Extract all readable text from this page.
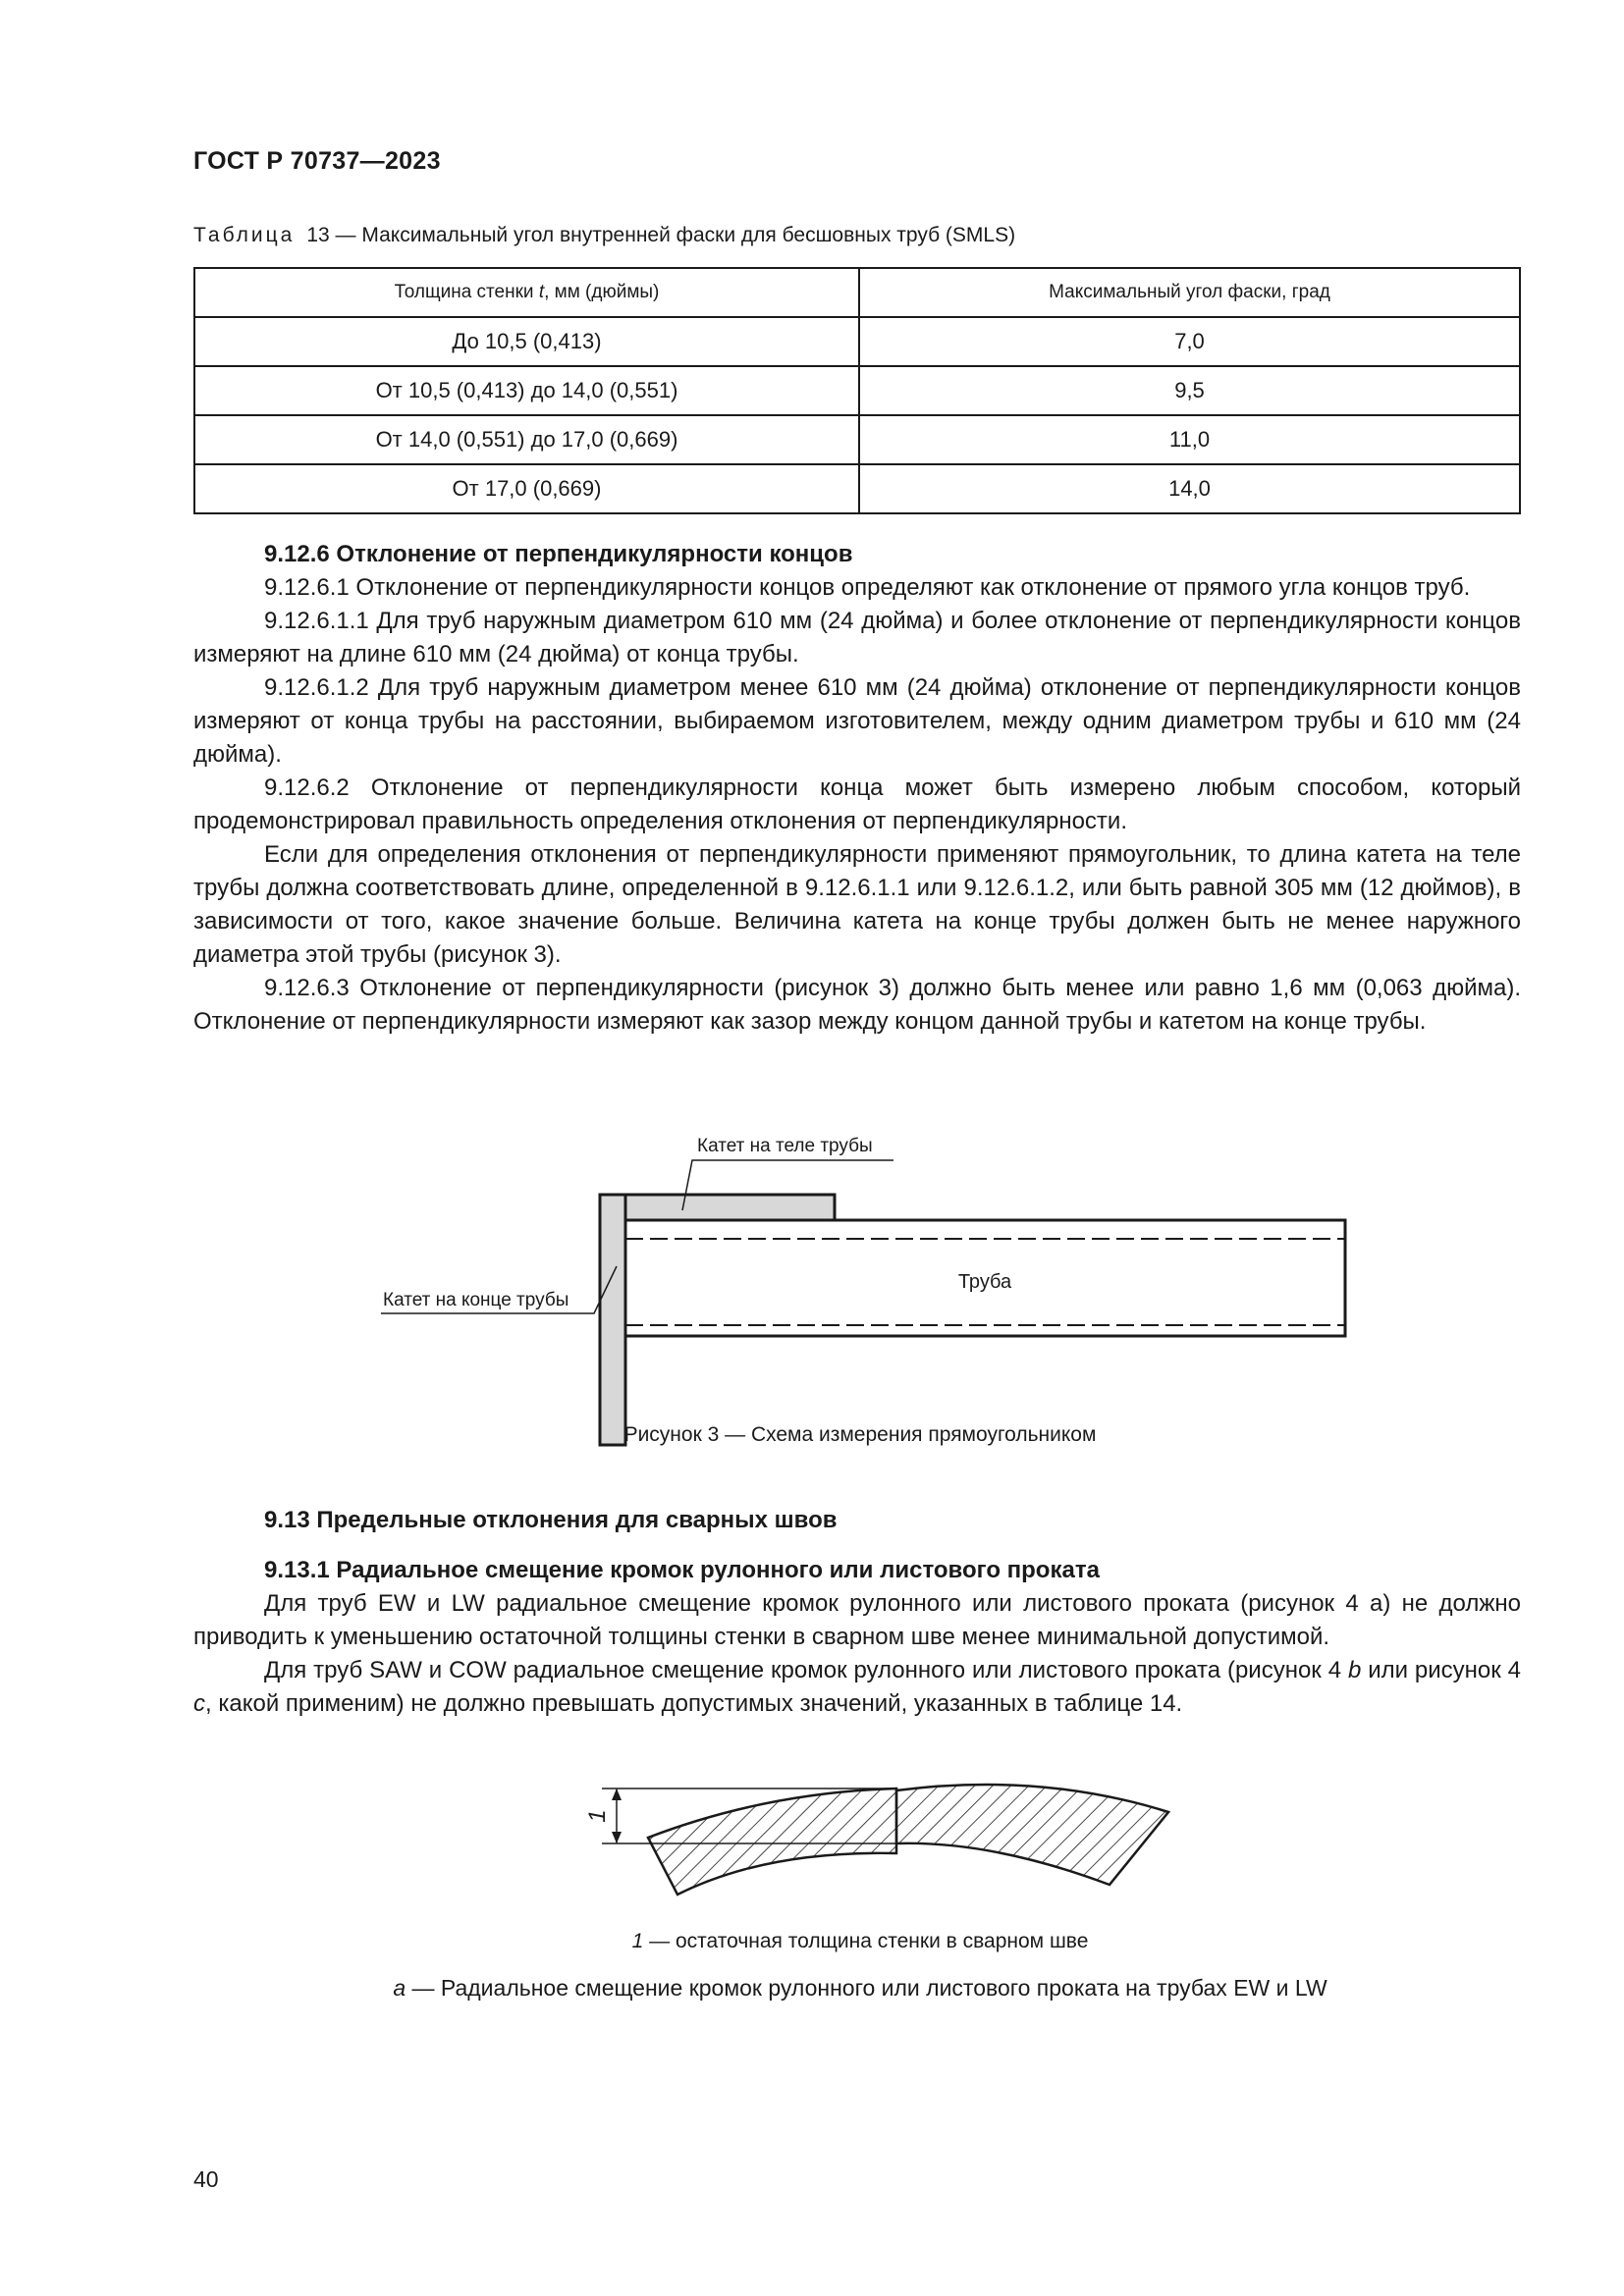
ГОСТ Р 70737—2023
Таблица 13 — Максимальный угол внутренней фаски для бесшовных труб (SMLS)
Толщина стенки t, мм (дюймы)	Максимальный угол фаски, град
До 10,5 (0,413)	7,0
От 10,5 (0,413) до 14,0 (0,551)	9,5
От 14,0 (0,551) до 17,0 (0,669)	11,0
От 17,0 (0,669)	14,0
9.12.6 Отклонение от перпендикулярности концов

9.12.6.1 Отклонение от перпендикулярности концов определяют как отклонение от прямого угла концов труб.

9.12.6.1.1 Для труб наружным диаметром 610 мм (24 дюйма) и более отклонение от перпендикулярности концов измеряют на длине 610 мм (24 дюйма) от конца трубы.

9.12.6.1.2 Для труб наружным диаметром менее 610 мм (24 дюйма) отклонение от перпендикулярности концов измеряют от конца трубы на расстоянии, выбираемом изготовителем, между одним диаметром трубы и 610 мм (24 дюйма).

9.12.6.2 Отклонение от перпендикулярности конца может быть измерено любым способом, который продемонстрировал правильность определения отклонения от перпендикулярности.

Если для определения отклонения от перпендикулярности применяют прямоугольник, то длина катета на теле трубы должна соответствовать длине, определенной в 9.12.6.1.1 или 9.12.6.1.2, или быть равной 305 мм (12 дюймов), в зависимости от того, какое значение больше. Величина катета на конце трубы должен быть не менее наружного диаметра этой трубы (рисунок 3).

9.12.6.3 Отклонение от перпендикулярности (рисунок 3) должно быть менее или равно 1,6 мм (0,063 дюйма). Отклонение от перпендикулярности измеряют как зазор между концом данной трубы и катетом на конце трубы.

Катет на теле трубы
Катет на конце трубы
Труба
Рисунок 3 — Схема измерения прямоугольником
9.13 Предельные отклонения для сварных швов
9.13.1 Радиальное смещение кромок рулонного или листового проката

Для труб EW и LW радиальное смещение кромок рулонного или листового проката (рисунок 4 a) не должно приводить к уменьшению остаточной толщины стенки в сварном шве менее минимальной допустимой.

Для труб SAW и COW радиальное смещение кромок рулонного или листового проката (рисунок 4 b или рисунок 4 c, какой применим) не должно превышать допустимых значений, указанных в таблице 14.

1
1 — остаточная толщина стенки в сварном шве
a — Радиальное смещение кромок рулонного или листового проката на трубах EW и LW
40
